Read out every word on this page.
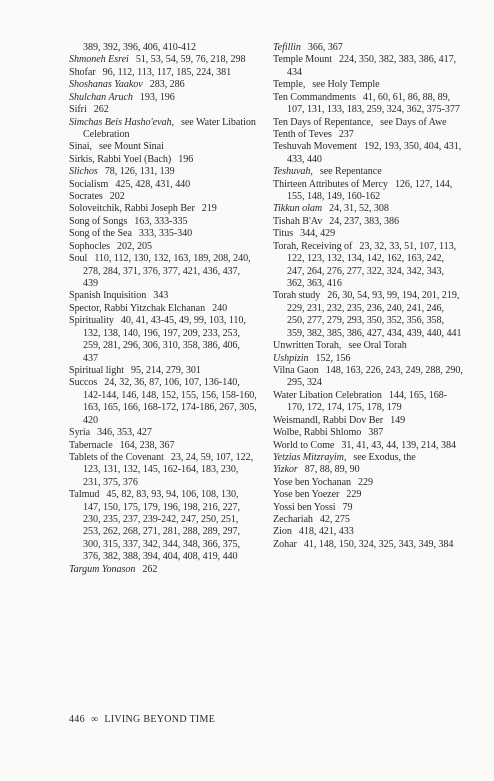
389, 392, 396, 406, 410-412

Shmoneh Esrei 51, 53, 54, 59, 76, 218, 298

Shofar 96, 112, 113, 117, 185, 224, 381

Shoshanas Yaakov 283, 286

Shulchan Aruch 193, 196

Sifri 262

Simchas Beis Hasho'evah, see Water Libation Celebration

Sinai, see Mount Sinai

Sirkis, Rabbi Yoel (Bach) 196

Slichos 78, 126, 131, 139

Socialism 425, 428, 431, 440

Socrates 202

Soloveitchik, Rabbi Joseph Ber 219

Song of Songs 163, 333-335

Song of the Sea 333, 335-340

Sophocles 202, 205

Soul 110, 112, 130, 132, 163, 189, 208, 240, 278, 284, 371, 376, 377, 421, 436, 437, 439

Spanish Inquisition 343

Spector, Rabbi Yitzchak Elchanan 240

Spirituality 40, 41, 43-45, 49, 99, 103, 110, 132, 138, 140, 196, 197, 209, 233, 253, 259, 281, 296, 306, 310, 358, 386, 406, 437

Spiritual light 95, 214, 279, 301

Succos 24, 32, 36, 87, 106, 107, 136-140, 142-144, 146, 148, 152, 155, 156, 158-160, 163, 165, 166, 168-172, 174-186, 267, 305, 420

Syria 346, 353, 427

Tabernacle 164, 238, 367

Tablets of the Covenant 23, 24, 59, 107, 122, 123, 131, 132, 145, 162-164, 183, 230, 231, 375, 376

Talmud 45, 82, 83, 93, 94, 106, 108, 130, 147, 150, 175, 179, 196, 198, 216, 227, 230, 235, 237, 239-242, 247, 250, 251, 253, 262, 268, 271, 281, 288, 289, 297, 300, 315, 337, 342, 344, 348, 366, 375, 376, 382, 388, 394, 404, 408, 419, 440

Targum Yonason 262

Tefillin 366, 367

Temple Mount 224, 350, 382, 383, 386, 417, 434

Temple, see Holy Temple

Ten Commandments 41, 60, 61, 86, 88, 89, 107, 131, 133, 183, 259, 324, 362, 375-377

Ten Days of Repentance, see Days of Awe

Tenth of Teves 237

Teshuvah Movement 192, 193, 350, 404, 431, 433, 440

Teshuvah, see Repentance

Thirteen Attributes of Mercy 126, 127, 144, 155, 148, 149, 160-162

Tikkun olam 24, 31, 52, 308

Tishah B'Av 24, 237, 383, 386

Titus 344, 429

Torah, Receiving of 23, 32, 33, 51, 107, 113, 122, 123, 132, 134, 142, 162, 163, 242, 247, 264, 276, 277, 322, 324, 342, 343, 362, 363, 416

Torah study 26, 30, 54, 93, 99, 194, 201, 219, 229, 231, 232, 235, 236, 240, 241, 246, 250, 277, 279, 293, 350, 352, 356, 358, 359, 382, 385, 386, 427, 434, 439, 440, 441

Unwritten Torah, see Oral Torah

Ushpizin 152, 156

Vilna Gaon 148, 163, 226, 243, 249, 288, 290, 295, 324

Water Libation Celebration 144, 165, 168-170, 172, 174, 175, 178, 179

Weismandl, Rabbi Dov Ber 149

Wolbe, Rabbi Shlomo 387

World to Come 31, 41, 43, 44, 139, 214, 384

Yetzias Mitzrayim, see Exodus, the

Yizkor 87, 88, 89, 90

Yose ben Yochanan 229

Yose ben Yoezer 229

Yossi ben Yossi 79

Zechariah 42, 275

Zion 418, 421, 433

Zohar 41, 148, 150, 324, 325, 343, 349, 384

446 ∞ LIVING BEYOND TIME
